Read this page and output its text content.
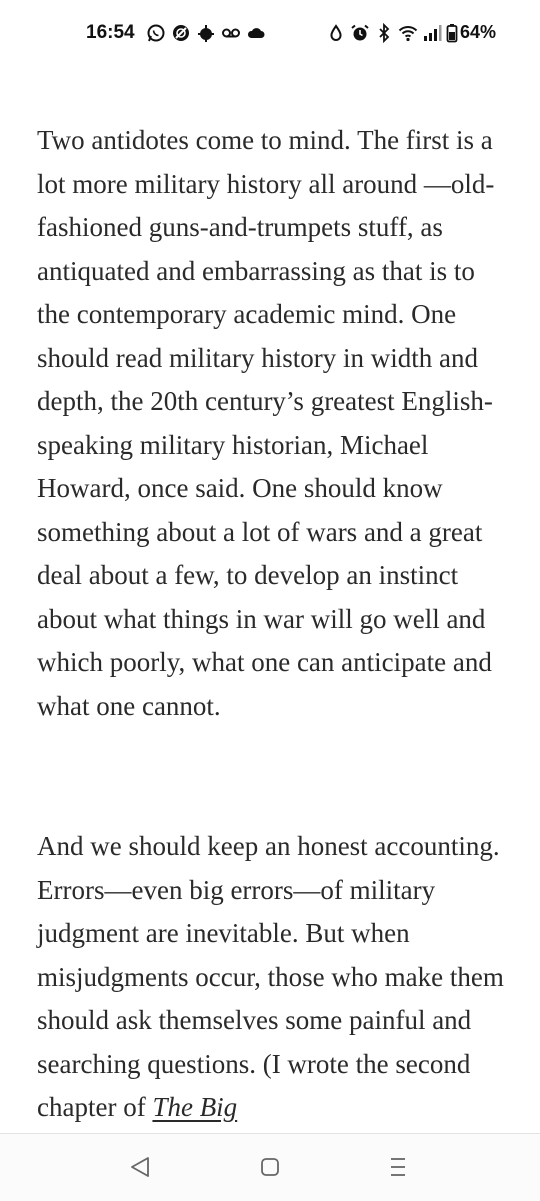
16:54	64%

Two antidotes come to mind. The first is a lot more military history all around —old-fashioned guns-and-trumpets stuff, as antiquated and embarrassing as that is to the contemporary academic mind. One should read military history in width and depth, the 20th century’s greatest English-speaking military historian, Michael Howard, once said. One should know something about a lot of wars and a great deal about a few, to develop an instinct about what things in war will go well and which poorly, what one can anticipate and what one cannot.

And we should keep an honest accounting. Errors—even big errors—of military judgment are inevitable. But when misjudgments occur, those who make them should ask themselves some painful and searching questions. (I wrote the second chapter of The Big
